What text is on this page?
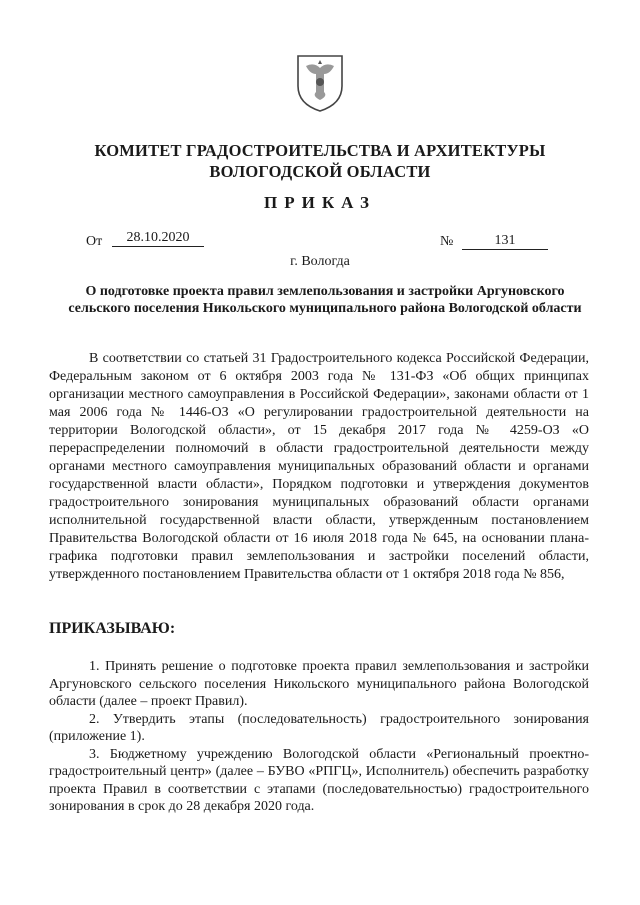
КОМИТЕТ ГРАДОСТРОИТЕЛЬСТВА И АРХИТЕКТУРЫ
ВОЛОГОДСКОЙ ОБЛАСТИ
ПРИКАЗ
От	28.10.2020	№	131
г. Вологда
О подготовке проекта правил землепользования и застройки Аргуновского сельского поселения Никольского муниципального района Вологодской области

В соответствии со статьей 31 Градостроительного кодекса Российской Федерации, Федеральным законом от 6 октября 2003 года № 131-ФЗ «Об общих принципах организации местного самоуправления в Российской Федерации», законами области от 1 мая 2006 года № 1446-ОЗ «О регулировании градостроительной деятельности на территории Вологодской области», от 15 декабря 2017 года № 4259-ОЗ «О перераспределении полномочий в области градостроительной деятельности между органами местного самоуправления муниципальных образований области и органами государственной власти области», Порядком подготовки и утверждения документов градостроительного зонирования муниципальных образований области органами исполнительной государственной власти области, утвержденным постановлением Правительства Вологодской области от 16 июля 2018 года № 645, на основании плана-графика подготовки правил землепользования и застройки поселений области, утвержденного постановлением Правительства области от 1 октября 2018 года № 856,

ПРИКАЗЫВАЮ:

1. Принять решение о подготовке проекта правил землепользования и застройки Аргуновского сельского поселения Никольского муниципального района Вологодской области (далее – проект Правил).

2. Утвердить этапы (последовательность) градостроительного зонирования (приложение 1).

3. Бюджетному учреждению Вологодской области «Региональный проектно-градостроительный центр» (далее – БУВО «РПГЦ», Исполнитель) обеспечить разработку проекта Правил в соответствии с этапами (последовательностью) градостроительного зонирования в срок до 28 декабря 2020 года.
